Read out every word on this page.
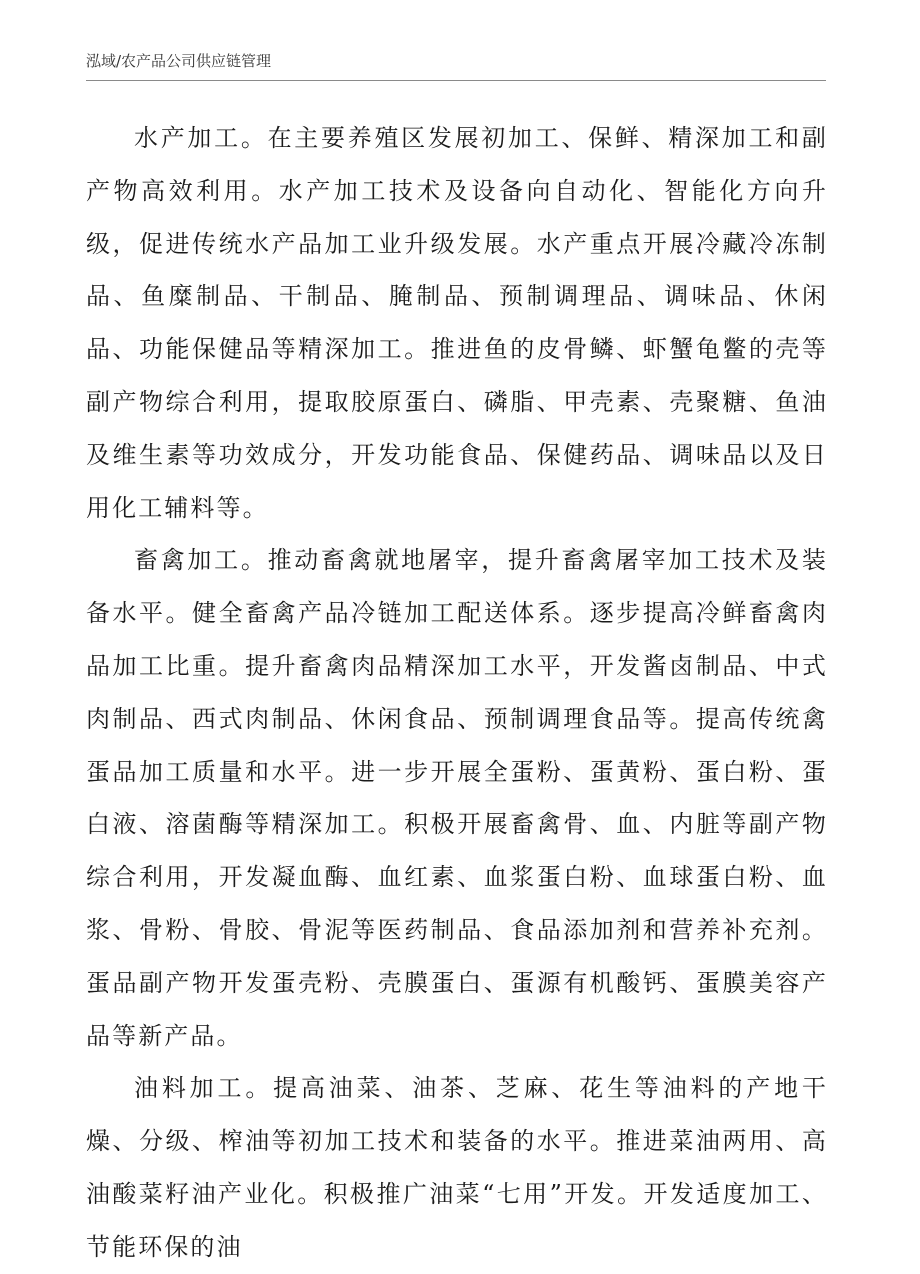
泓域/农产品公司供应链管理

水产加工。在主要养殖区发展初加工、保鲜、精深加工和副产物高效利用。水产加工技术及设备向自动化、智能化方向升级，促进传统水产品加工业升级发展。水产重点开展冷藏冷冻制品、鱼糜制品、干制品、腌制品、预制调理品、调味品、休闲品、功能保健品等精深加工。推进鱼的皮骨鳞、虾蟹龟鳖的壳等副产物综合利用，提取胶原蛋白、磷脂、甲壳素、壳聚糖、鱼油及维生素等功效成分，开发功能食品、保健药品、调味品以及日用化工辅料等。

畜禽加工。推动畜禽就地屠宰，提升畜禽屠宰加工技术及装备水平。健全畜禽产品冷链加工配送体系。逐步提高冷鲜畜禽肉品加工比重。提升畜禽肉品精深加工水平，开发酱卤制品、中式肉制品、西式肉制品、休闲食品、预制调理食品等。提高传统禽蛋品加工质量和水平。进一步开展全蛋粉、蛋黄粉、蛋白粉、蛋白液、溶菌酶等精深加工。积极开展畜禽骨、血、内脏等副产物综合利用，开发凝血酶、血红素、血浆蛋白粉、血球蛋白粉、血浆、骨粉、骨胶、骨泥等医药制品、食品添加剂和营养补充剂。蛋品副产物开发蛋壳粉、壳膜蛋白、蛋源有机酸钙、蛋膜美容产品等新产品。

油料加工。提高油菜、油茶、芝麻、花生等油料的产地干燥、分级、榨油等初加工技术和装备的水平。推进菜油两用、高油酸菜籽油产业化。积极推广油菜“七用”开发。开发适度加工、节能环保的油
